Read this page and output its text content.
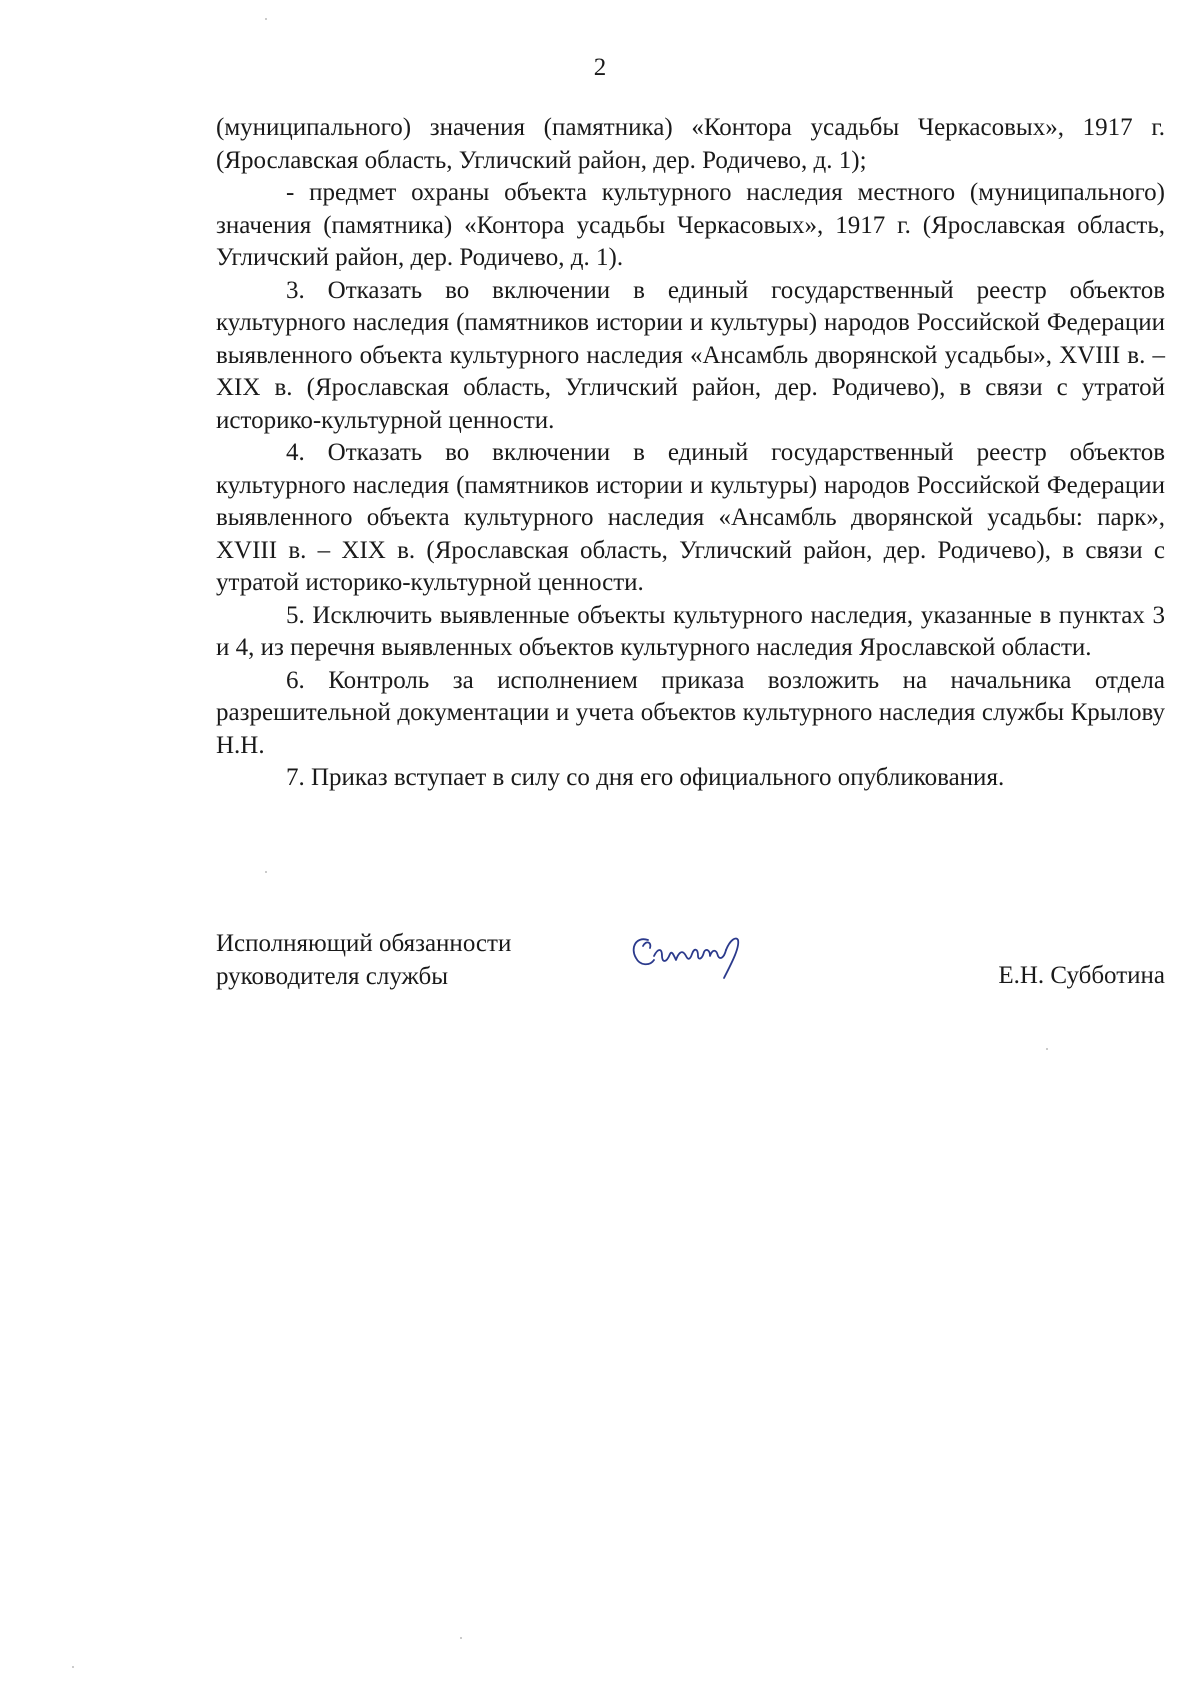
2

(муниципального) значения (памятника) «Контора усадьбы Черкасовых», 1917 г. (Ярославская область, Угличский район, дер. Родичево, д. 1);

- предмет охраны объекта культурного наследия местного (муниципального) значения (памятника) «Контора усадьбы Черкасовых», 1917 г. (Ярославская область, Угличский район, дер. Родичево, д. 1).

3. Отказать во включении в единый государственный реестр объектов культурного наследия (памятников истории и культуры) народов Российской Федерации выявленного объекта культурного наследия «Ансамбль дворянской усадьбы», XVIII в. – XIX в. (Ярославская область, Угличский район, дер. Родичево), в связи с утратой историко-культурной ценности.

4. Отказать во включении в единый государственный реестр объектов культурного наследия (памятников истории и культуры) народов Российской Федерации выявленного объекта культурного наследия «Ансамбль дворянской усадьбы: парк», XVIII в. – XIX в. (Ярославская область, Угличский район, дер. Родичево), в связи с утратой историко-культурной ценности.

5. Исключить выявленные объекты культурного наследия, указанные в пунктах 3 и 4, из перечня выявленных объектов культурного наследия Ярославской области.

6. Контроль за исполнением приказа возложить на начальника отдела разрешительной документации и учета объектов культурного наследия службы Крылову Н.Н.

7. Приказ вступает в силу со дня его официального опубликования.

Исполняющий обязанности
руководителя службы	Е.Н. Субботина
